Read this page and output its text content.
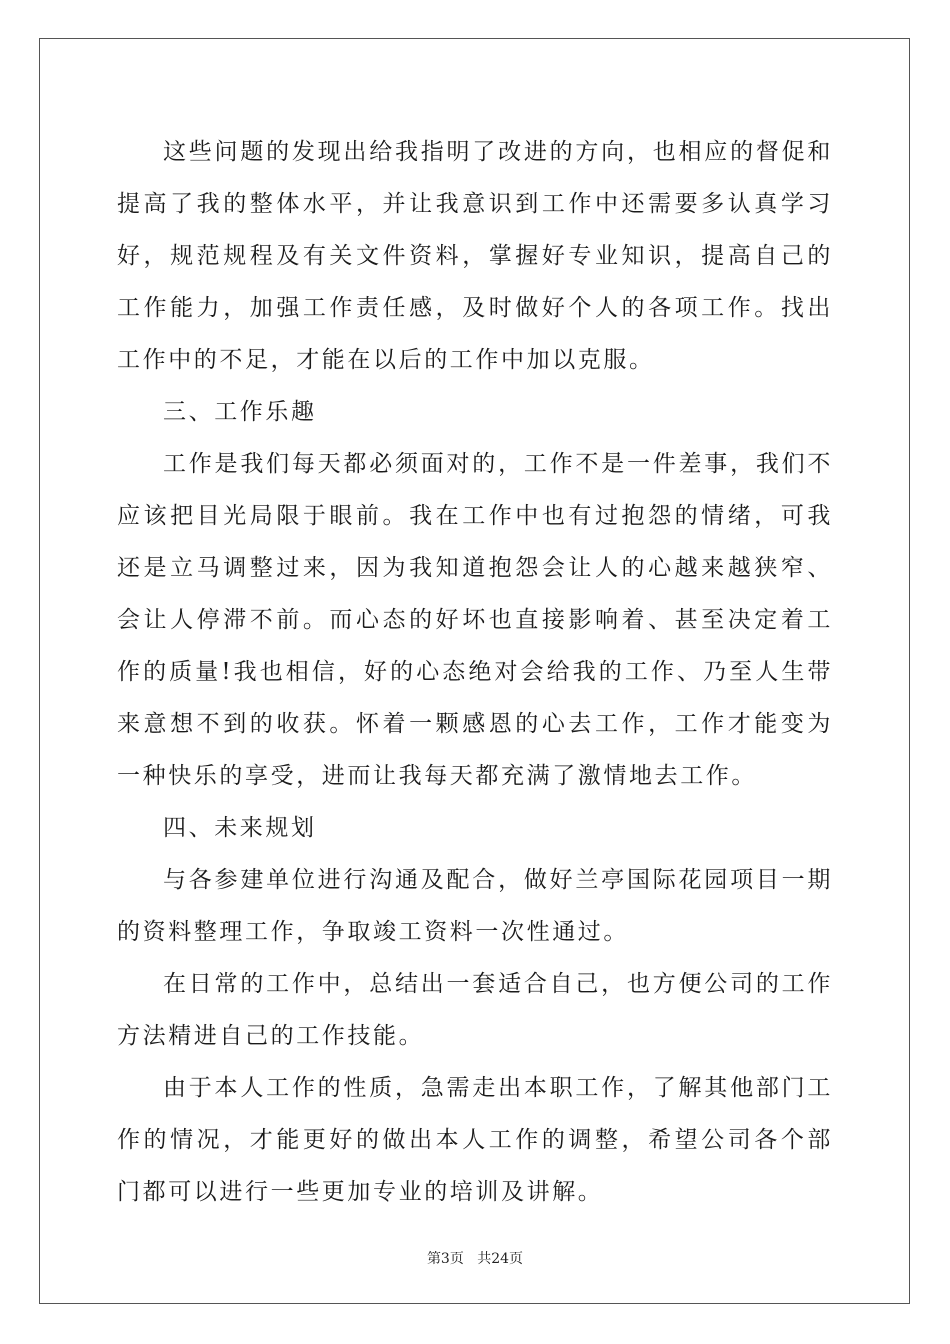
这些问题的发现出给我指明了改进的方向，也相应的督促和提高了我的整体水平，并让我意识到工作中还需要多认真学习好，规范规程及有关文件资料，掌握好专业知识，提高自己的工作能力，加强工作责任感，及时做好个人的各项工作。找出工作中的不足，才能在以后的工作中加以克服。

三、工作乐趣

工作是我们每天都必须面对的，工作不是一件差事，我们不应该把目光局限于眼前。我在工作中也有过抱怨的情绪，可我还是立马调整过来，因为我知道抱怨会让人的心越来越狭窄、会让人停滞不前。而心态的好坏也直接影响着、甚至决定着工作的质量!我也相信，好的心态绝对会给我的工作、乃至人生带来意想不到的收获。怀着一颗感恩的心去工作，工作才能变为一种快乐的享受，进而让我每天都充满了激情地去工作。

四、未来规划

与各参建单位进行沟通及配合，做好兰亭国际花园项目一期的资料整理工作，争取竣工资料一次性通过。

在日常的工作中，总结出一套适合自己，也方便公司的工作方法精进自己的工作技能。

由于本人工作的性质，急需走出本职工作，了解其他部门工作的情况，才能更好的做出本人工作的调整，希望公司各个部门都可以进行一些更加专业的培训及讲解。

第3页 共24页
